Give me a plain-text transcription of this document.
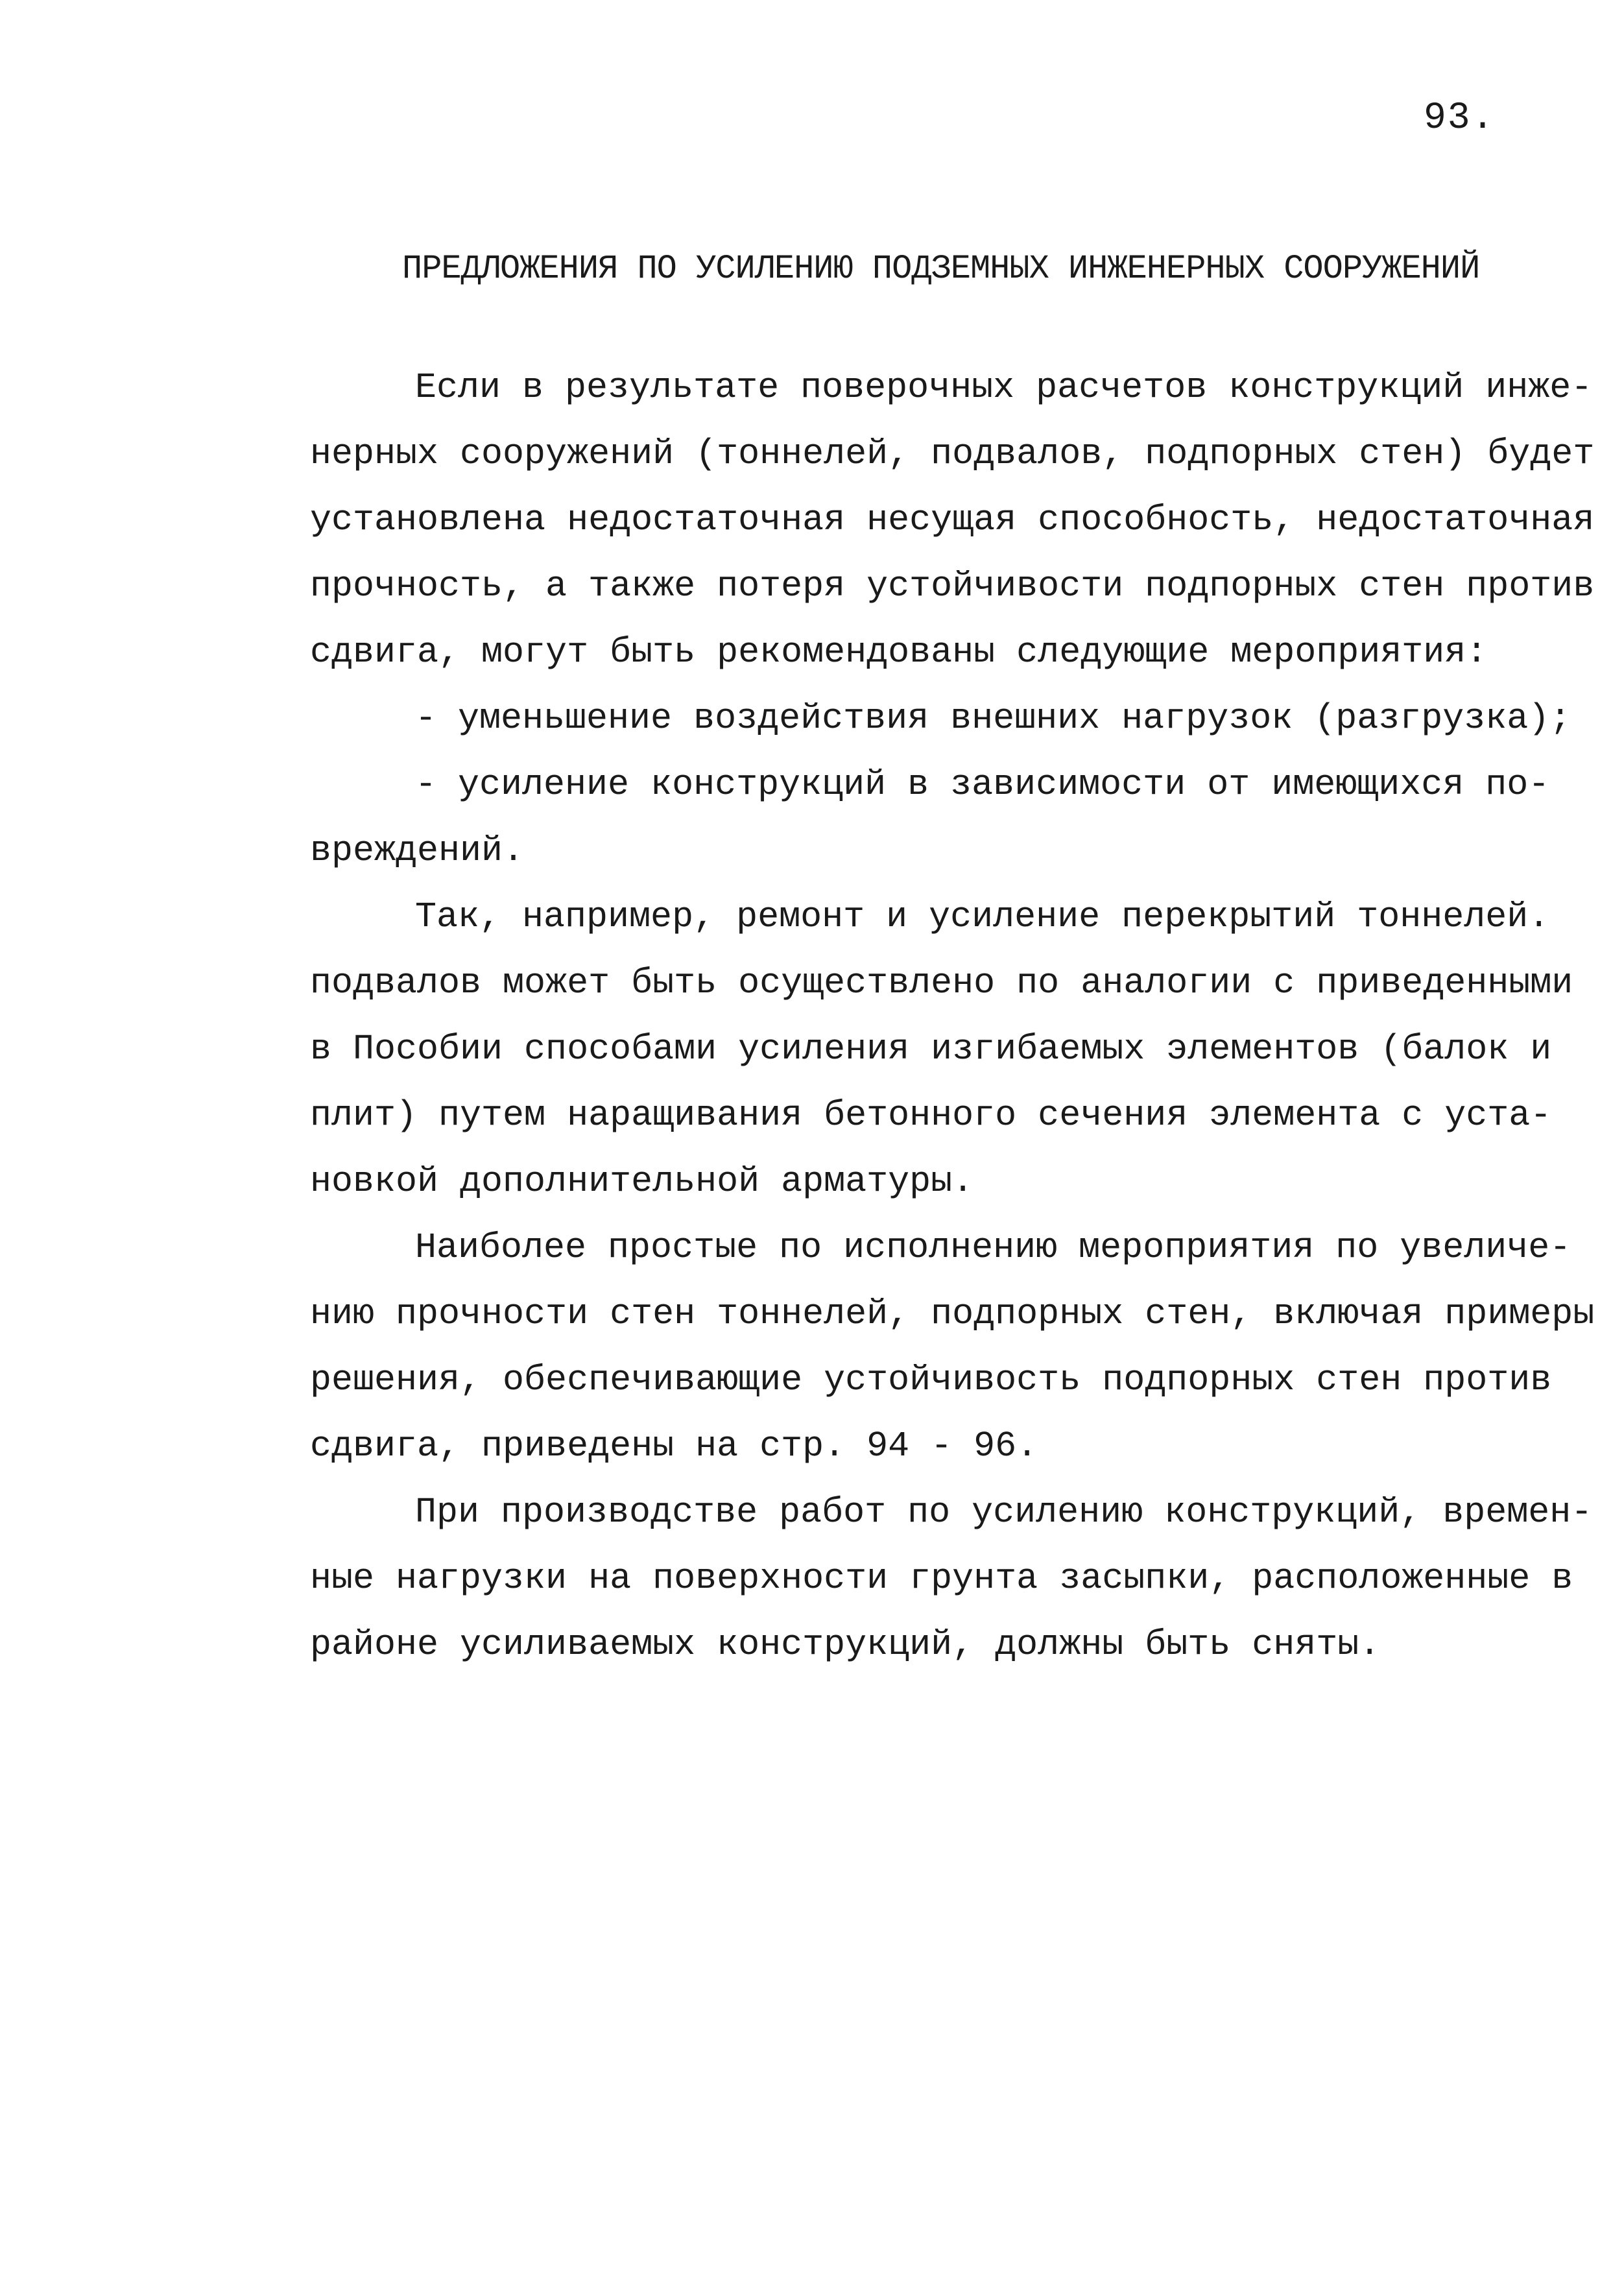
93.
ПРЕДЛОЖЕНИЯ ПО УСИЛЕНИЮ ПОДЗЕМНЫХ ИНЖЕНЕРНЫХ СООРУЖЕНИЙ
Если в результате поверочных расчетов конструкций инже-
нерных сооружений (тоннелей, подвалов, подпорных стен) будет
установлена недостаточная несущая способность, недостаточная
прочность, а также потеря устойчивости подпорных стен против
сдвига, могут быть рекомендованы следующие мероприятия:
- уменьшение воздействия внешних нагрузок (разгрузка);
- усиление конструкций в зависимости от имеющихся по-
вреждений.
Так, например, ремонт и усиление перекрытий тоннелей.
подвалов может быть осуществлено по аналогии с приведенными
в Пособии способами усиления изгибаемых элементов (балок и
плит) путем наращивания бетонного сечения элемента с уста-
новкой дополнительной арматуры.
Наиболее простые по исполнению мероприятия по увеличе-
нию прочности стен тоннелей, подпорных стен, включая примеры
решения, обеспечивающие устойчивость подпорных стен против
сдвига, приведены на стр. 94 - 96.
При производстве работ по усилению конструкций, времен-
ные нагрузки на поверхности грунта засыпки, расположенные в
районе усиливаемых конструкций, должны быть сняты.
